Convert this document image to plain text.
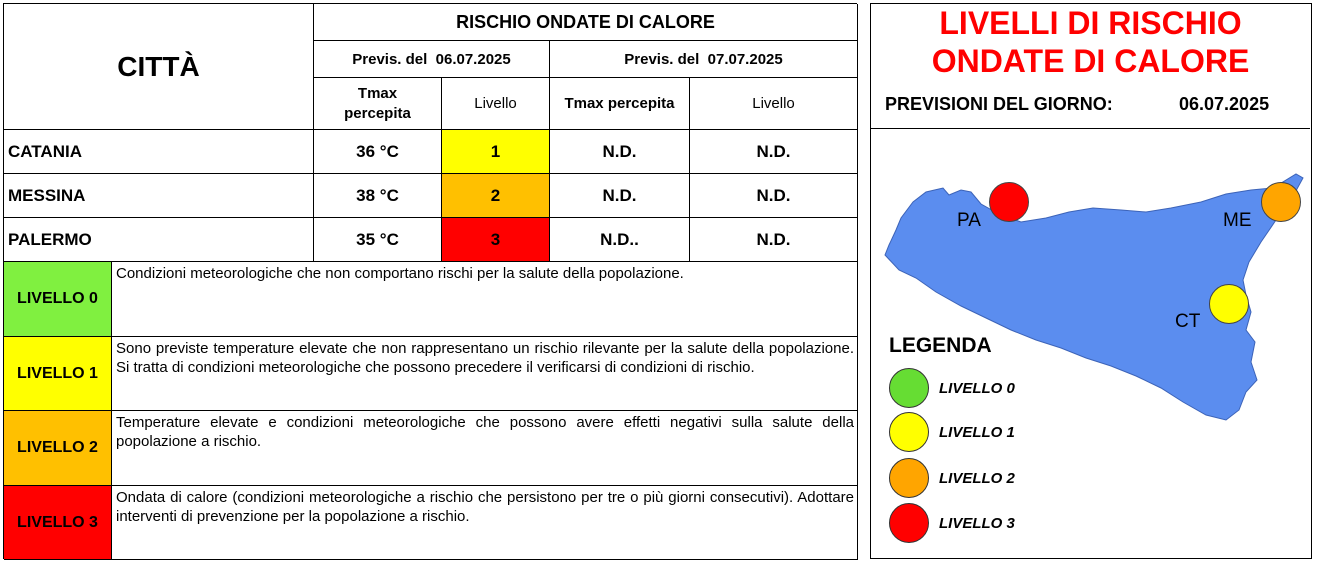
CITTÀ
RISCHIO ONDATE DI CALORE
Previs. del  06.07.2025	Previs. del  07.07.2025
Tmax percepita
Livello	Tmax percepita	Livello
CATANIA	36 °C	1	N.D.	N.D.
MESSINA	38 °C	2	N.D.	N.D.
PALERMO	35 °C	3	N.D..	N.D.
LIVELLO 0
Condizioni meteorologiche che non comportano rischi per la salute della popolazione.
LIVELLO 1
Sono previste temperature elevate che non rappresentano un rischio rilevante per la salute della popolazione. Si tratta di condizioni meteorologiche che possono precedere il verificarsi di condizioni di rischio.
LIVELLO 2
Temperature elevate e condizioni meteorologiche che possono avere effetti negativi sulla salute della popolazione a rischio.
LIVELLO 3
Ondata di calore (condizioni meteorologiche a rischio che persistono per tre o più giorni consecutivi). Adottare interventi di prevenzione per la popolazione a rischio.
LIVELLI DI RISCHIO
ONDATE DI CALORE
PREVISIONI DEL GIORNO:	06.07.2025
PA	ME
CT
LEGENDA
LIVELLO 0
LIVELLO 1
LIVELLO 2
LIVELLO 3
